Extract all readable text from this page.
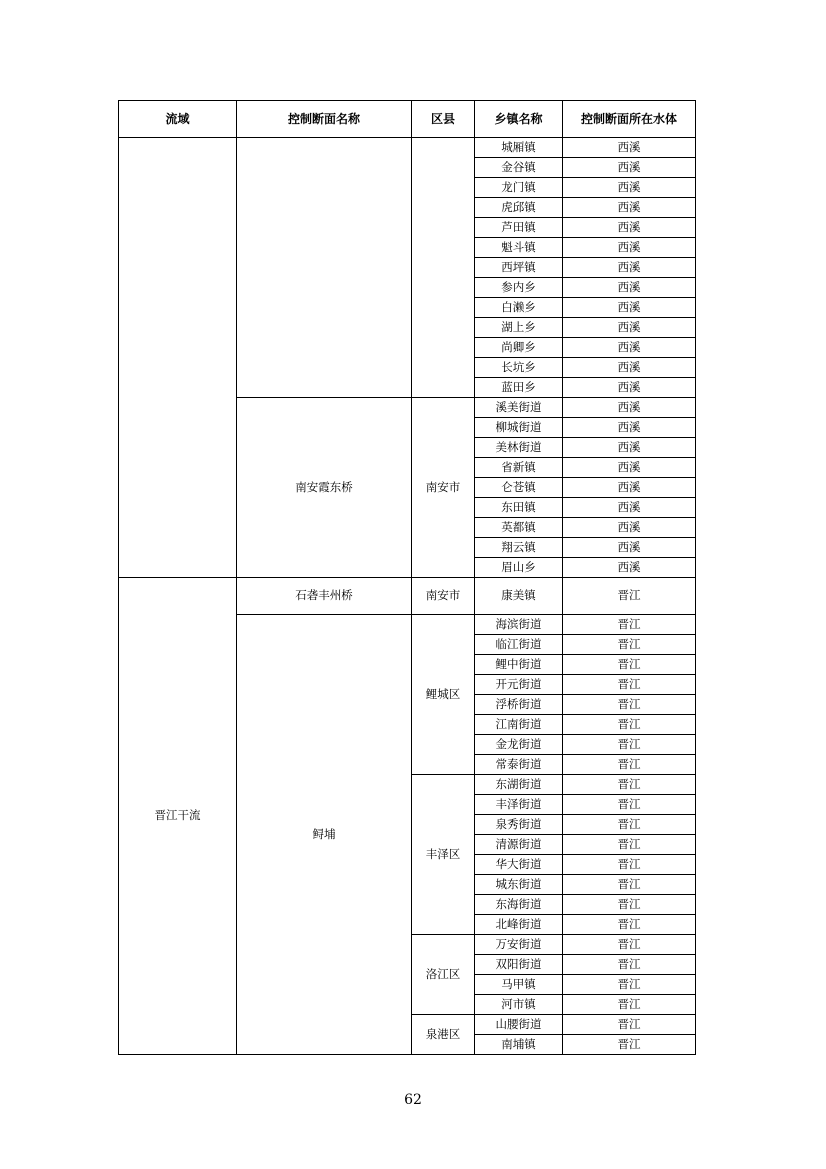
流域	控制断面名称	区县	乡镇名称	控制断面所在水体
			城厢镇	西溪
			金谷镇	西溪
			龙门镇	西溪
			虎邱镇	西溪
			芦田镇	西溪
			魁斗镇	西溪
			西坪镇	西溪
			参内乡	西溪
			白濑乡	西溪
			湖上乡	西溪
			尚卿乡	西溪
			长坑乡	西溪
			蓝田乡	西溪
	南安霞东桥	南安市	溪美街道	西溪
			柳城街道	西溪
			美林街道	西溪
			省新镇	西溪
			仑苍镇	西溪
			东田镇	西溪
			英都镇	西溪
			翔云镇	西溪
			眉山乡	西溪
晋江干流	石砻丰州桥	南安市	康美镇	晋江
	鲟埔	鲤城区	海滨街道	晋江
			临江街道	晋江
			鲤中街道	晋江
			开元街道	晋江
			浮桥街道	晋江
			江南街道	晋江
			金龙街道	晋江
			常泰街道	晋江
		丰泽区	东湖街道	晋江
			丰泽街道	晋江
			泉秀街道	晋江
			清源街道	晋江
			华大街道	晋江
			城东街道	晋江
			东海街道	晋江
			北峰街道	晋江
		洛江区	万安街道	晋江
			双阳街道	晋江
			马甲镇	晋江
			河市镇	晋江
		泉港区	山腰街道	晋江
			南埔镇	晋江
62
